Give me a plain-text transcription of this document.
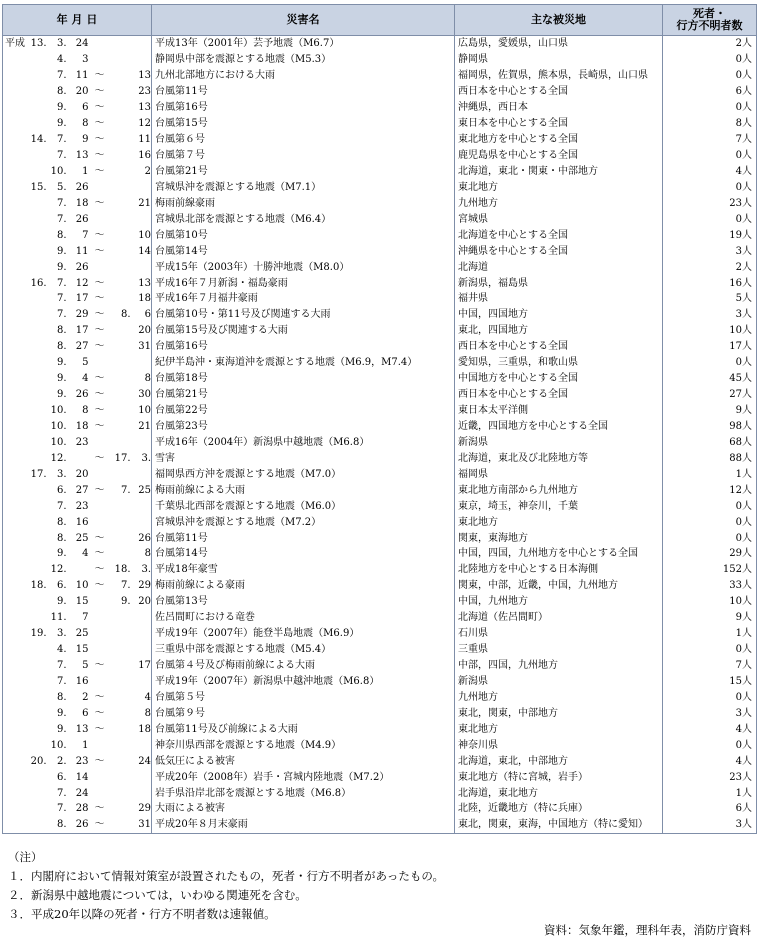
年 月 日							災害名	主な被災地	死者・
行方不明者数
平成	13.	3.	24				平成13年（2001年）芸予地震（M6.7）	広島県，愛媛県，山口県	2人
		4.	3				静岡県中部を震源とする地震（M5.3）	静岡県	0人
		7.	11	～		13	九州北部地方における大雨	福岡県，佐賀県，熊本県，長崎県，山口県	0人
		8.	20	～		23	台風第11号	西日本を中心とする全国	6人
		9.	6	～		13	台風第16号	沖縄県，西日本	0人
		9.	8	～		12	台風第15号	東日本を中心とする全国	8人
	14.	7.	9	～		11	台風第６号	東北地方を中心とする全国	7人
		7.	13	～		16	台風第７号	鹿児島県を中心とする全国	0人
		10.	1	～		2	台風第21号	北海道，東北・関東・中部地方	4人
	15.	5.	26				宮城県沖を震源とする地震（M7.1）	東北地方	0人
		7.	18	～		21	梅雨前線豪雨	九州地方	23人
		7.	26				宮城県北部を震源とする地震（M6.4）	宮城県	0人
		8.	7	～		10	台風第10号	北海道を中心とする全国	19人
		9.	11	～		14	台風第14号	沖縄県を中心とする全国	3人
		9.	26				平成15年（2003年）十勝沖地震（M8.0）	北海道	2人
	16.	7.	12	～		13	平成16年７月新潟・福島豪雨	新潟県，福島県	16人
		7.	17	～		18	平成16年７月福井豪雨	福井県	5人
		7.	29	～	8.	6	台風第10号・第11号及び関連する大雨	中国，四国地方	3人
		8.	17	～		20	台風第15号及び関連する大雨	東北，四国地方	10人
		8.	27	～		31	台風第16号	西日本を中心とする全国	17人
		9.	5				紀伊半島沖・東海道沖を震源とする地震（M6.9，M7.4）	愛知県，三重県，和歌山県	0人
		9.	4	～		8	台風第18号	中国地方を中心とする全国	45人
		9.	26	～		30	台風第21号	西日本を中心とする全国	27人
		10.	8	～		10	台風第22号	東日本太平洋側	9人
		10.	18	～		21	台風第23号	近畿，四国地方を中心とする全国	98人
		10.	23				平成16年（2004年）新潟県中越地震（M6.8）	新潟県	68人
		12.		～	17.	3.	雪害	北海道，東北及び北陸地方等	88人
	17.	3.	20				福岡県西方沖を震源とする地震（M7.0）	福岡県	1人
		6.	27	～	7.	25	梅雨前線による大雨	東北地方南部から九州地方	12人
		7.	23				千葉県北西部を震源とする地震（M6.0）	東京，埼玉，神奈川，千葉	0人
		8.	16				宮城県沖を震源とする地震（M7.2）	東北地方	0人
		8.	25	～		26	台風第11号	関東，東海地方	0人
		9.	4	～		8	台風第14号	中国，四国，九州地方を中心とする全国	29人
		12.		～	18.	3.	平成18年豪雪	北陸地方を中心とする日本海側	152人
	18.	6.	10	～	7.	29	梅雨前線による豪雨	関東，中部，近畿，中国，九州地方	33人
		9.	15		9.	20	台風第13号	中国，九州地方	10人
		11.	7				佐呂間町における竜巻	北海道（佐呂間町）	9人
	19.	3.	25				平成19年（2007年）能登半島地震（M6.9）	石川県	1人
		4.	15				三重県中部を震源とする地震（M5.4）	三重県	0人
		7.	5	～		17	台風第４号及び梅雨前線による大雨	中部，四国，九州地方	7人
		7.	16				平成19年（2007年）新潟県中越沖地震（M6.8）	新潟県	15人
		8.	2	～		4	台風第５号	九州地方	0人
		9.	6	～		8	台風第９号	東北，関東，中部地方	3人
		9.	13	～		18	台風第11号及び前線による大雨	東北地方	4人
		10.	1				神奈川県西部を震源とする地震（M4.9）	神奈川県	0人
	20.	2.	23	～		24	低気圧による被害	北海道，東北，中部地方	4人
		6.	14				平成20年（2008年）岩手・宮城内陸地震（M7.2）	東北地方（特に宮城，岩手）	23人
		7.	24				岩手県沿岸北部を震源とする地震（M6.8）	北海道，東北地方	1人
		7.	28	～		29	大雨による被害	北陸，近畿地方（特に兵庫）	6人
		8.	26	～		31	平成20年８月末豪雨	東北，関東，東海，中国地方（特に愛知）	3人
（注）
１．内閣府において情報対策室が設置されたもの，死者・行方不明者があったもの。
２．新潟県中越地震については，いわゆる関連死を含む。
３．平成20年以降の死者・行方不明者数は速報値。
資料：気象年鑑，理科年表，消防庁資料
